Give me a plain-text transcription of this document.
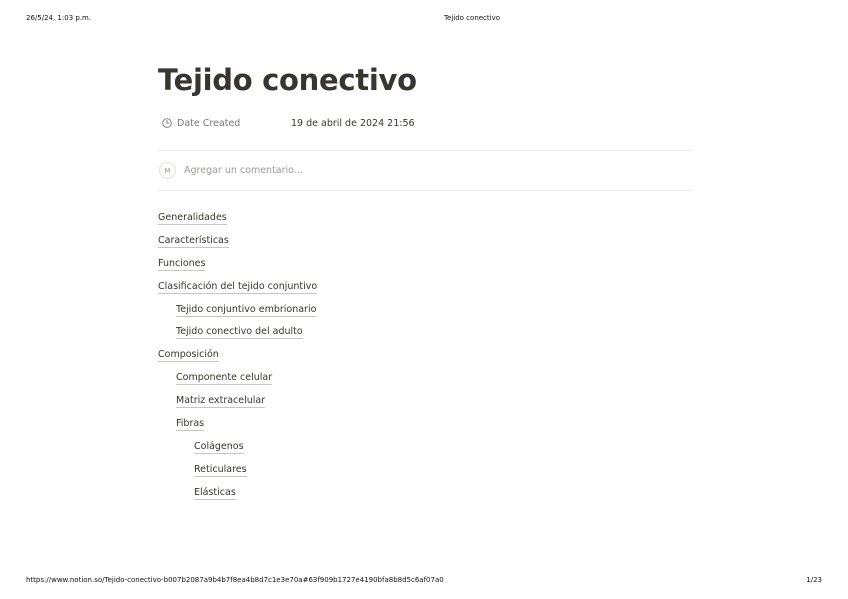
26/5/24, 1:03 p.m.	Tejido conectivo
Tejido conectivo
Date Created	19 de abril de 2024 21:56
M	Agregar un comentario...
Generalidades
Características
Funciones
Clasificación del tejido conjuntivo
Tejido conjuntivo embrionario
Tejido conectivo del adulto
Composición
Componente celular
Matriz extracelular
Fibras
Colágenos
Reticulares
Elásticas
https://www.notion.so/Tejido-conectivo-b007b2087a9b4b7f8ea4b8d7c1e3e70a#63f909b1727e4190bfa8b8d5c6af07a0	1/23
